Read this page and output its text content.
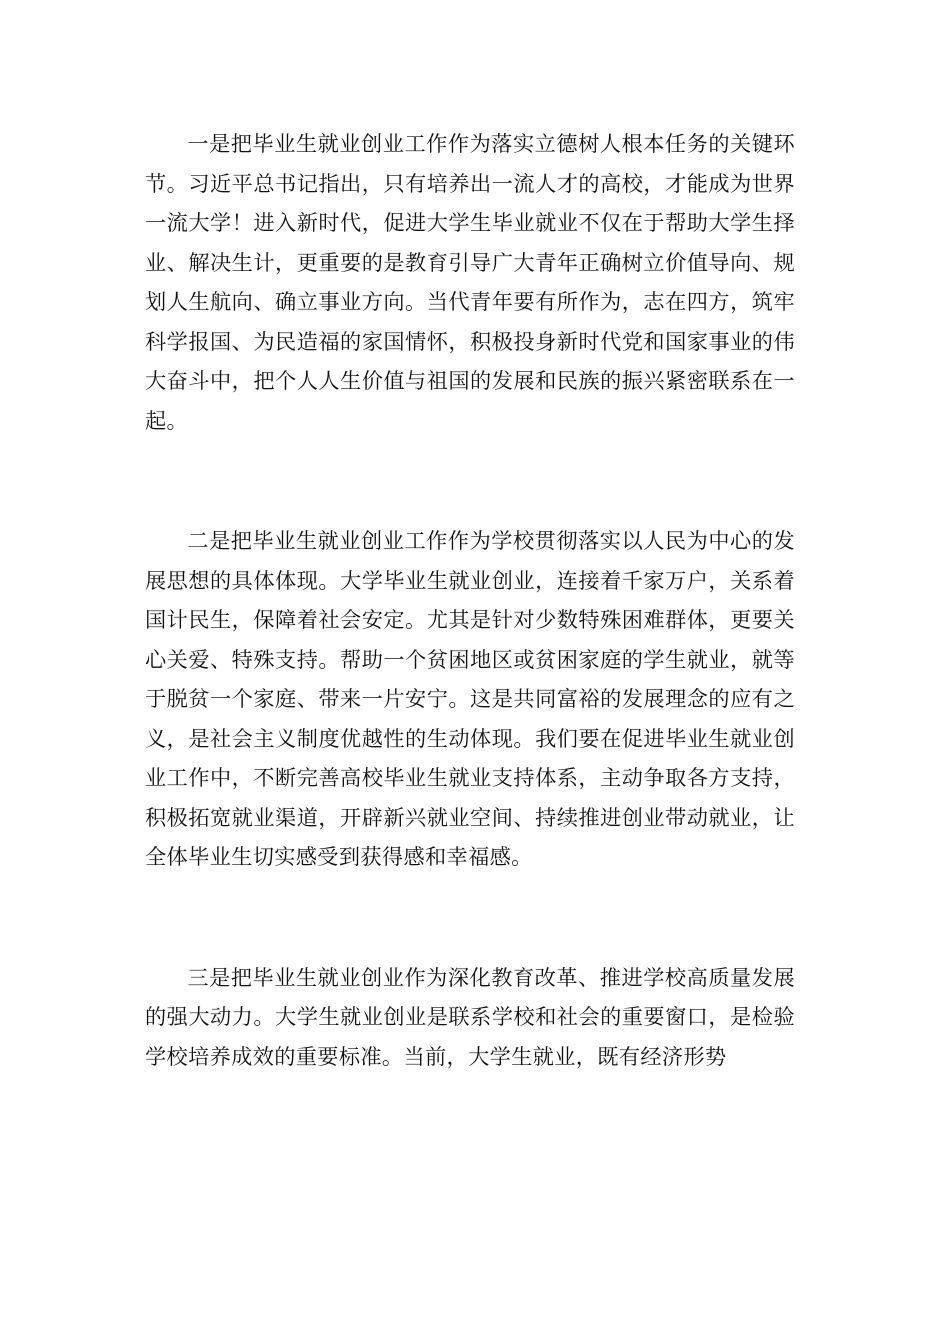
一是把毕业生就业创业工作作为落实立德树人根本任务的关键环节。习近平总书记指出，只有培养出一流人才的高校，才能成为世界一流大学！进入新时代，促进大学生毕业就业不仅在于帮助大学生择业、解决生计，更重要的是教育引导广大青年正确树立价值导向、规划人生航向、确立事业方向。当代青年要有所作为，志在四方，筑牢科学报国、为民造福的家国情怀，积极投身新时代党和国家事业的伟大奋斗中，把个人人生价值与祖国的发展和民族的振兴紧密联系在一起。

二是把毕业生就业创业工作作为学校贯彻落实以人民为中心的发展思想的具体体现。大学毕业生就业创业，连接着千家万户，关系着国计民生，保障着社会安定。尤其是针对少数特殊困难群体，更要关心关爱、特殊支持。帮助一个贫困地区或贫困家庭的学生就业，就等于脱贫一个家庭、带来一片安宁。这是共同富裕的发展理念的应有之义，是社会主义制度优越性的生动体现。我们要在促进毕业生就业创业工作中，不断完善高校毕业生就业支持体系，主动争取各方支持，积极拓宽就业渠道，开辟新兴就业空间、持续推进创业带动就业，让全体毕业生切实感受到获得感和幸福感。

三是把毕业生就业创业作为深化教育改革、推进学校高质量发展的强大动力。大学生就业创业是联系学校和社会的重要窗口，是检验学校培养成效的重要标准。当前，大学生就业，既有经济形势
